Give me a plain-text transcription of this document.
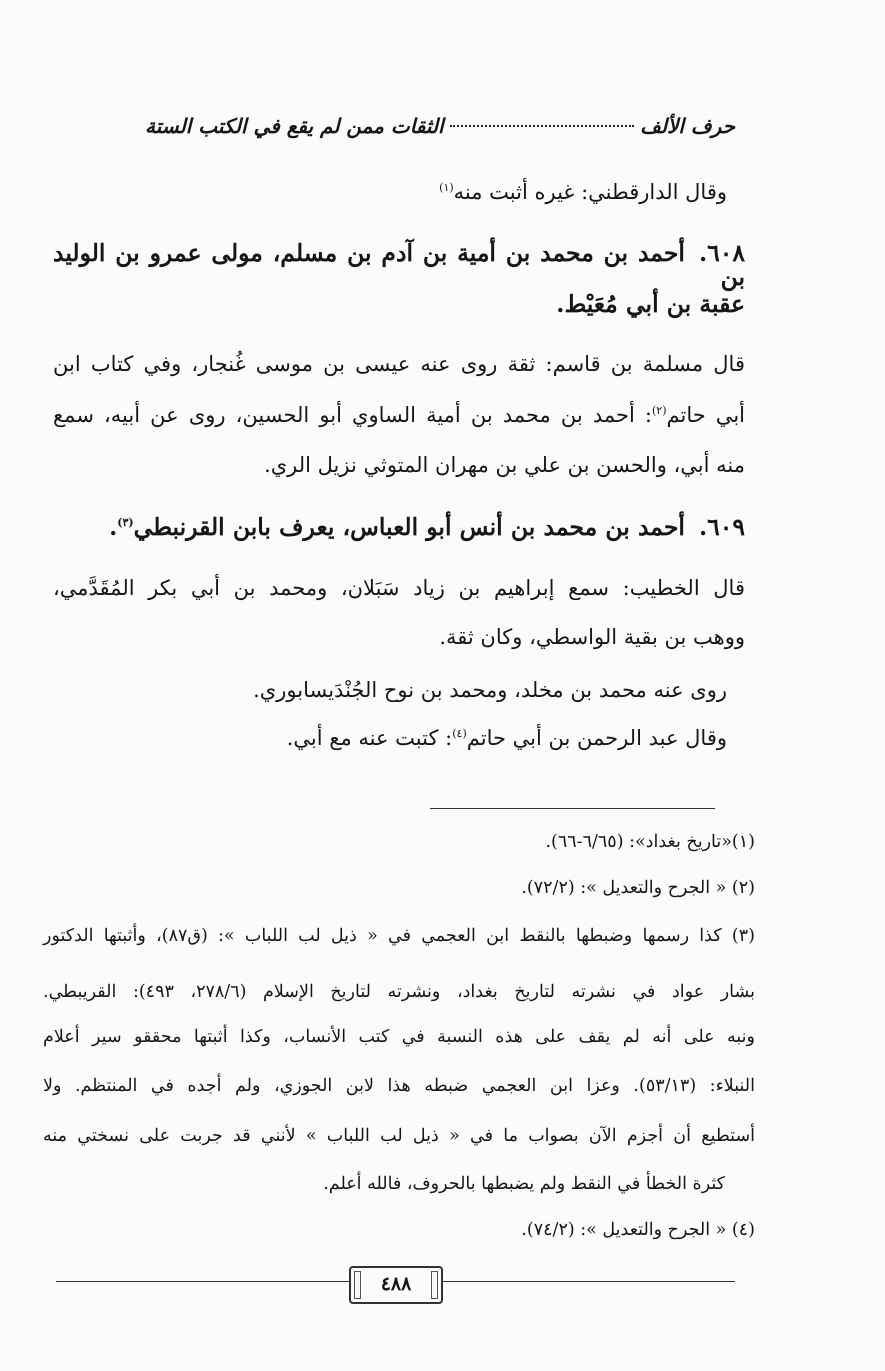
حرف الألف
الثقات ممن لم يقع في الكتب الستة
وقال الدارقطني: غيره أثبت منه$^{(١)}$
٦٠٨.أحمد بن محمد بن أمية بن آدم بن مسلم، مولى عمرو بن الوليد بن
عقبة بن أبي مُعَيْط.
قال مسلمة بن قاسم: ثقة روى عنه عيسى بن موسى غُنجار، وفي كتاب ابن
أبي حاتم$^{(٢)}$: أحمد بن محمد بن أمية الساوي أبو الحسين، روى عن أبيه، سمع
منه أبي، والحسن بن علي بن مهران المتوثي نزيل الري.
٦٠٩.أحمد بن محمد بن أنس أبو العباس، يعرف بابن القرنبطي$^{(٣)}$.
قال الخطيب: سمع إبراهيم بن زياد سَبَلان، ومحمد بن أبي بكر المُقَدَّمي،
ووهب بن بقية الواسطي، وكان ثقة.
روى عنه محمد بن مخلد، ومحمد بن نوح الجُنْدَيسابوري.
وقال عبد الرحمن بن أبي حاتم$^{(٤)}$: كتبت عنه مع أبي.
(١)«تاريخ بغداد»: (٦/٦٥-٦٦).
(٢) « الجرح والتعديل »: (٧٢/٢).
(٣) كذا رسمها وضبطها بالنقط ابن العجمي في « ذيل لب اللباب »: (ق٨٧)، وأثبتها الدكتور
بشار عواد في نشرته لتاريخ بغداد، ونشرته لتاريخ الإسلام (٢٧٨/٦، ٤٩٣): القريبطي.
ونبه على أنه لم يقف على هذه النسبة في كتب الأنساب، وكذا أثبتها محققو سير أعلام
النبلاء: (٥٣/١٣). وعزا ابن العجمي ضبطه هذا لابن الجوزي، ولم أجده في المنتظم. ولا
أستطيع أن أجزم الآن بصواب ما في « ذيل لب اللباب » لأنني قد جربت على نسختي منه
كثرة الخطأ في النقط ولم يضبطها بالحروف، فالله أعلم.
(٤) « الجرح والتعديل »: (٧٤/٢).
٤٨٨
